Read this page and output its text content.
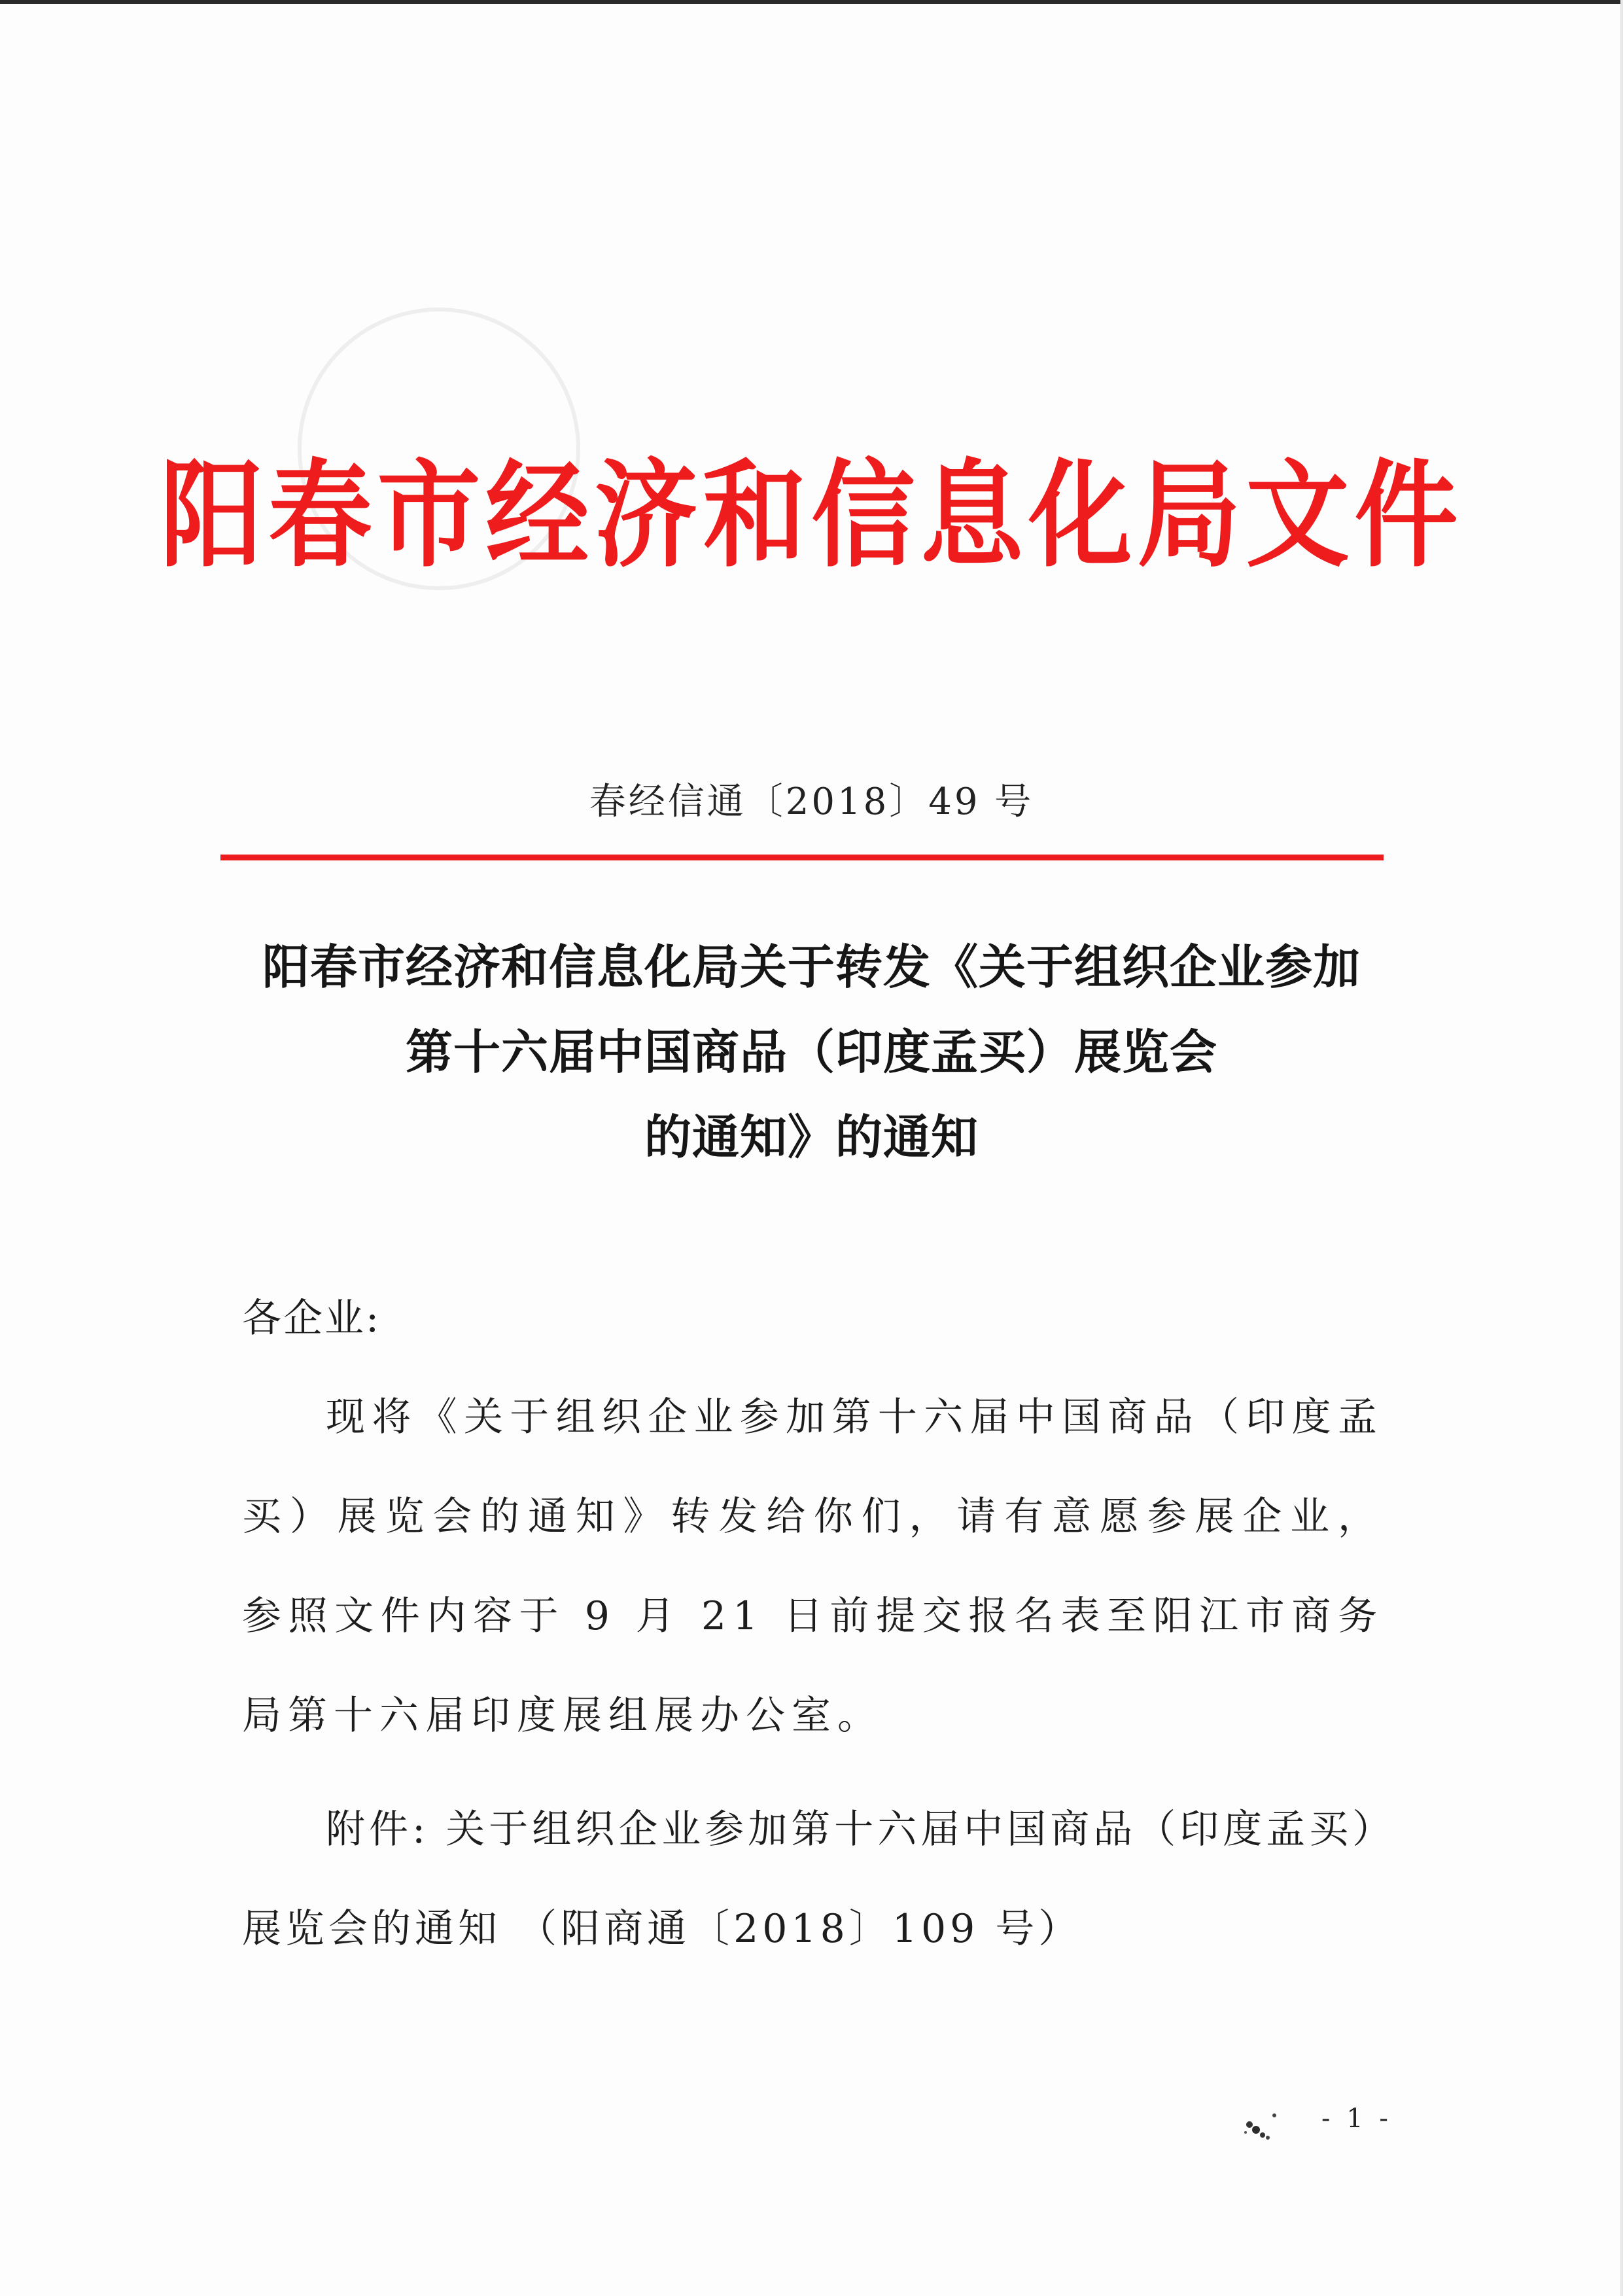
阳春市经济和信息化局文件
春经信通〔2018〕49 号
阳春市经济和信息化局关于转发《关于组织企业参加
第十六届中国商品（印度孟买）展览会
的通知》的通知
各企业:

现将《关于组织企业参加第十六届中国商品（印度孟买）展览会的通知》转发给你们，请有意愿参展企业，参照文件内容于 9 月 21 日前提交报名表至阳江市商务局第十六届印度展组展办公室。

附件: 关于组织企业参加第十六届中国商品（印度孟买）展览会的通知 （阳商通〔2018〕109 号）

- 1 -
